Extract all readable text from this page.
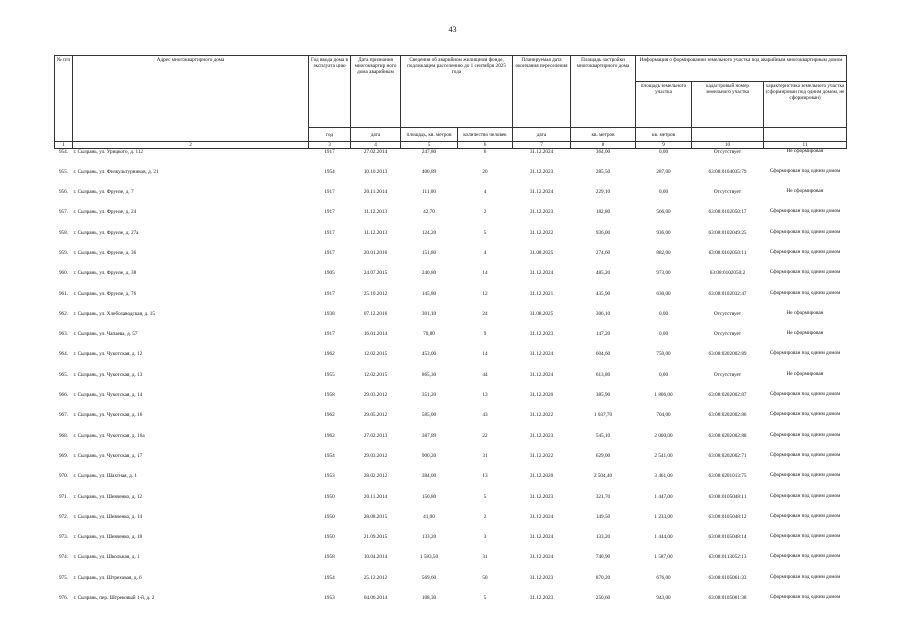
43
№ п/п	Адрес многоквартирного дома	Год ввода дома в эксплуата цию	Дата признания многоквартир ного дома аварийным	Сведения об аварийном жилищном фонде, подлежащем расселению до 1 сентября 2025 года		Планируемая дата окончания переселения	Площадь застройки многоквартирного дома	Информация о формировании земельного участка под аварийным многоквартирным домом		
								площадь земельного участка	кадастровый номер земельного участка	характеристика земельного участка (сформирован под одним домом, не сформирован)
		год	дата	площадь, кв. метров	количество человек	дата	кв. метров	кв. метров		
1	2	3	4	5	6	7	8	9	10	11
954.	г. Сызрань, ул. Урицкого, д. 112	1917	27.02.2014	247,80	6	31.12.2024	364,00	0,00	Отсутствует	Не сформирован
955.	г. Сызрань, ул. Физкультурников, д. 21	1954	10.10.2013	400,89	20	31.12.2023	285,50	287,00	63:08:0104035:79	Сформирован под одним домом
956.	г. Сызрань, ул. Фрунзе, д. 7	1917	20.11.2014	111,00	4	31.12.2024	229,10	0,00	Отсутствует	Не сформирован
957.	г. Сызрань, ул. Фрунзе, д. 24	1917	11.12.2013	42,70	2	31.12.2023	182,80	566,00	63:08:0102050:17	Сформирован под одним домом
958.	г. Сызрань, ул. Фрунзе, д. 27а	1917	11.12.2013	124,20	5	31.12.2022	936,00	936,00	63:08:0102049:25	Сформирован под одним домом
959.	г. Сызрань, ул. Фрунзе, д. 36	1917	20.01.2016	151,80	4	31.08.2025	274,60	882,00	63:08:0102050:11	Сформирован под одним домом
960.	г. Сызрань, ул. Фрунзе, д. 38	1905	24.07.2015	240,80	14	31.12.2024	485,20	973,00	63:08:0102050:2	Сформирован под одним домом
961.	г. Сызрань, ул. Фрунзе, д. 76	1917	25.10.2012	145,80	12	31.12.2021	435,90	630,00	63:08:0102032:47	Сформирован под одним домом
962.	г. Сызрань, ул. Хлебозаводская, д. 15	1938	07.12.2016	301,10	24	31.08.2025	306,10	0,00	Отсутствует	Не сформирован
963.	г. Сызрань, ул. Чапаева, д. 57	1917	16.01.2014	70,80	9	31.12.2023	147,20	0,00	Отсутствует	Не сформирован
964.	г. Сызрань, ул. Чукотская, д. 12	1962	12.02.2015	453,00	14	31.12.2024	604,60	750,00	63:08:0202002:89	Сформирован под одним домом
965.	г. Сызрань, ул. Чукотская, д. 13	1955	12.02.2015	865,30	44	31.12.2024	613,80	0,00	Отсутствует	Не сформирован
966.	г. Сызрань, ул. Чукотская, д. 14	1958	29.03.2012	351,20	13	31.12.2020	385,90	1 806,00	63:08:0202002:87	Сформирован под одним домом
967.	г. Сызрань, ул. Чукотская, д. 16	1962	29.05.2012	585,00	43	31.12.2022	1 037,70	704,00	63:08:0202002:86	Сформирован под одним домом
968.	г. Сызрань, ул. Чукотская, д. 16а	1962	27.02.2013	387,89	22	31.12.2023	545,10	2 000,00	63:08:0202002:88	Сформирован под одним домом
969.	г. Сызрань, ул. Чукотская, д. 17	1954	29.03.2012	900,20	31	31.12.2022	629,00	2 541,00	63:08:0202002:71	Сформирован под одним домом
970.	г. Сызрань, ул. Шахтная, д. 1	1953	28.02.2012	384,00	13	31.12.2020	2 504,40	3 461,00	63:08:0201013:75	Сформирован под одним домом
971.	г. Сызрань, ул. Шевченко, д. 12	1950	20.11.2014	150,80	5	31.12.2023	321,70	1 447,00	63:08:0105048:11	Сформирован под одним домом
972.	г. Сызрань, ул. Шевченко, д. 14	1950	28.08.2015	41,00	2	31.12.2024	149,50	1 233,00	63:08:0105048:12	Сформирован под одним домом
973.	г. Сызрань, ул. Шевченко, д. 18	1950	21.09.2015	133,20	3	31.12.2024	133,20	1 444,00	63:08:0105048:14	Сформирован под одним домом
974.	г. Сызрань, ул. Школьная, д. 1	1958	10.04.2014	1 583,50	31	31.12.2024	740,90	1 587,00	63:08:0113052:13	Сформирован под одним домом
975.	г. Сызрань, ул. Штреховая, д. 6	1954	25.12.2012	569,60	50	31.12.2023	870,20	676,00	63:08:0105061:33	Сформирован под одним домом
976.	г. Сызрань, пер. Штрековый 1-й, д. 2	1953	04.06.2014	108,30	5	31.12.2023	250,60	943,00	63:08:0105061:38	Сформирован под одним домом
